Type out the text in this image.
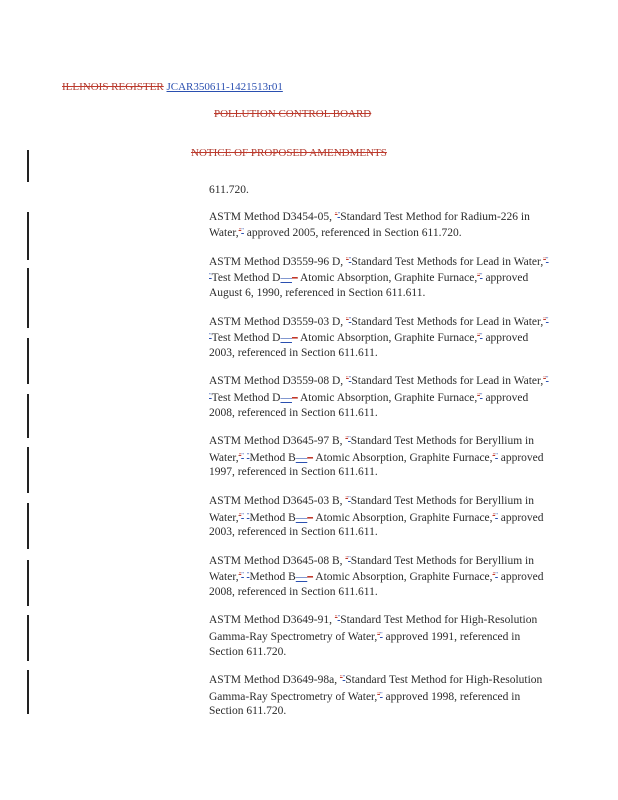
ILLINOIS REGISTER JCAR350611-1421513r01
POLLUTION CONTROL BOARD
NOTICE OF PROPOSED AMENDMENTS
611.720.
ASTM Method D3454-05, ""Standard Test Method for Radium-226 in Water,"" approved 2005, referenced in Section 611.720.
ASTM Method D3559-96 D, ""Standard Test Methods for Lead in Water,"" "Test Method D—– Atomic Absorption, Graphite Furnace,"" approved August 6, 1990, referenced in Section 611.611.
ASTM Method D3559-03 D, ""Standard Test Methods for Lead in Water,"" "Test Method D—– Atomic Absorption, Graphite Furnace,"" approved 2003, referenced in Section 611.611.
ASTM Method D3559-08 D, ""Standard Test Methods for Lead in Water,"" "Test Method D—– Atomic Absorption, Graphite Furnace,"" approved 2008, referenced in Section 611.611.
ASTM Method D3645-97 B, ""Standard Test Methods for Beryllium in Water,"" "Method B—– Atomic Absorption, Graphite Furnace,"" approved 1997, referenced in Section 611.611.
ASTM Method D3645-03 B, ""Standard Test Methods for Beryllium in Water,"" "Method B—– Atomic Absorption, Graphite Furnace,"" approved 2003, referenced in Section 611.611.
ASTM Method D3645-08 B, ""Standard Test Methods for Beryllium in Water,"" "Method B—– Atomic Absorption, Graphite Furnace,"" approved 2008, referenced in Section 611.611.
ASTM Method D3649-91, ""Standard Test Method for High-Resolution Gamma-Ray Spectrometry of Water,"" approved 1991, referenced in Section 611.720.
ASTM Method D3649-98a, ""Standard Test Method for High-Resolution Gamma-Ray Spectrometry of Water,"" approved 1998, referenced in Section 611.720.
